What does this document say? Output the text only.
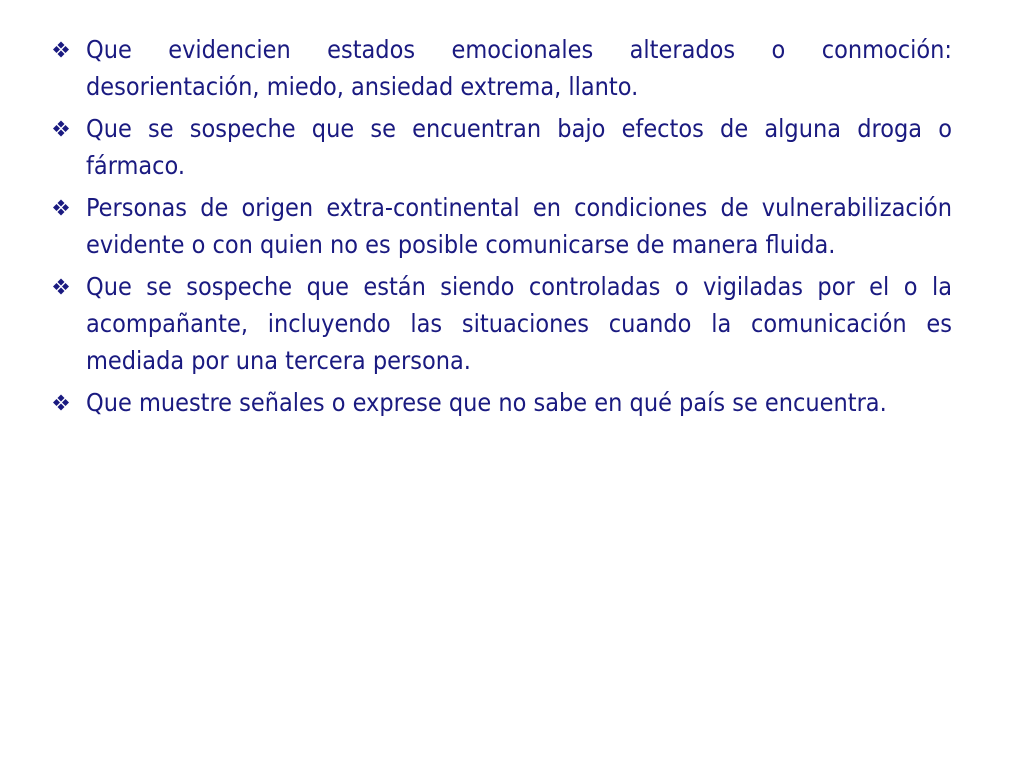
Que evidencien estados emocionales alterados o conmoción: desorientación, miedo, ansiedad extrema, llanto.
Que se sospeche que se encuentran bajo efectos de alguna droga o fármaco.
Personas de origen extra-continental en condiciones de vulnerabilización evidente o con quien no es posible comunicarse de manera fluida.
Que se sospeche que están siendo controladas o vigiladas por el o la acompañante, incluyendo las situaciones cuando la comunicación es mediada por una tercera persona.
Que muestre señales o exprese que no sabe en qué país se encuentra.
